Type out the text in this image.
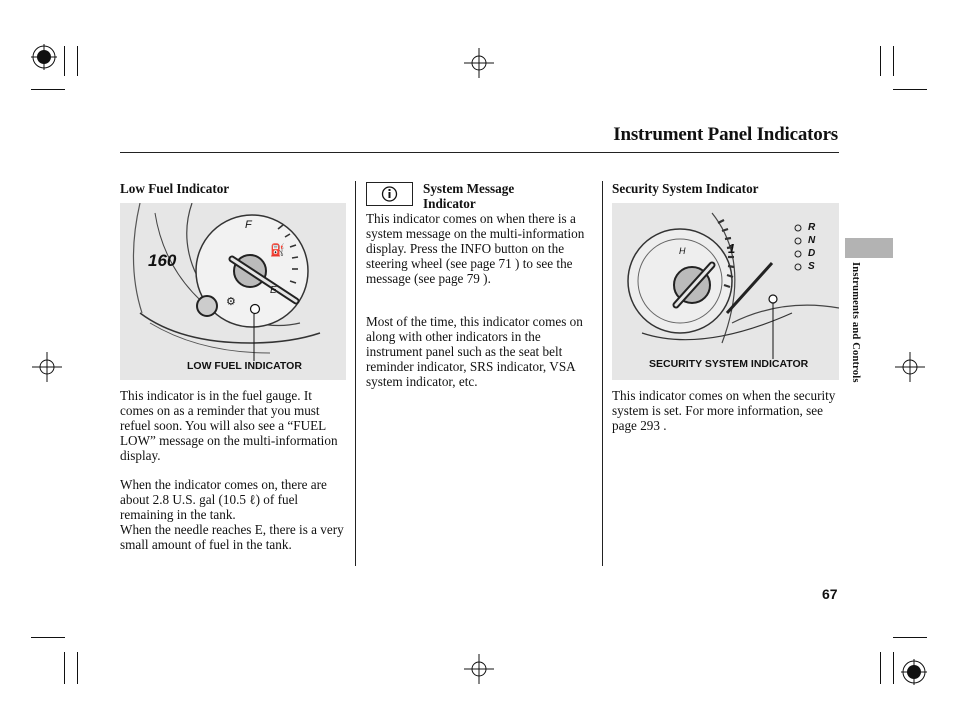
Instrument Panel Indicators
Instruments and Controls
Low Fuel Indicator
160
F
E
⛽
⚙
LOW FUEL INDICATOR
This indicator is in the fuel gauge. It comes on as a reminder that you must refuel soon. You will also see a “FUEL LOW” message on the multi-information display.
When the indicator comes on, there are about 2.8 U.S. gal (10.5 ℓ) of fuel remaining in the tank.
When the needle reaches E, there is a very small amount of fuel in the tank.
System Message Indicator
This indicator comes on when there is a system message on the multi-information display. Press the INFO button on the steering wheel (see page 71 ) to see the message (see page 79 ).
Most of the time, this indicator comes on along with other indicators in the instrument panel such as the seat belt reminder indicator, SRS indicator, VSA system indicator, etc.
Security System Indicator
R
N
D
S
H	1
SECURITY SYSTEM INDICATOR
This indicator comes on when the security system is set. For more information, see page 293 .
67
